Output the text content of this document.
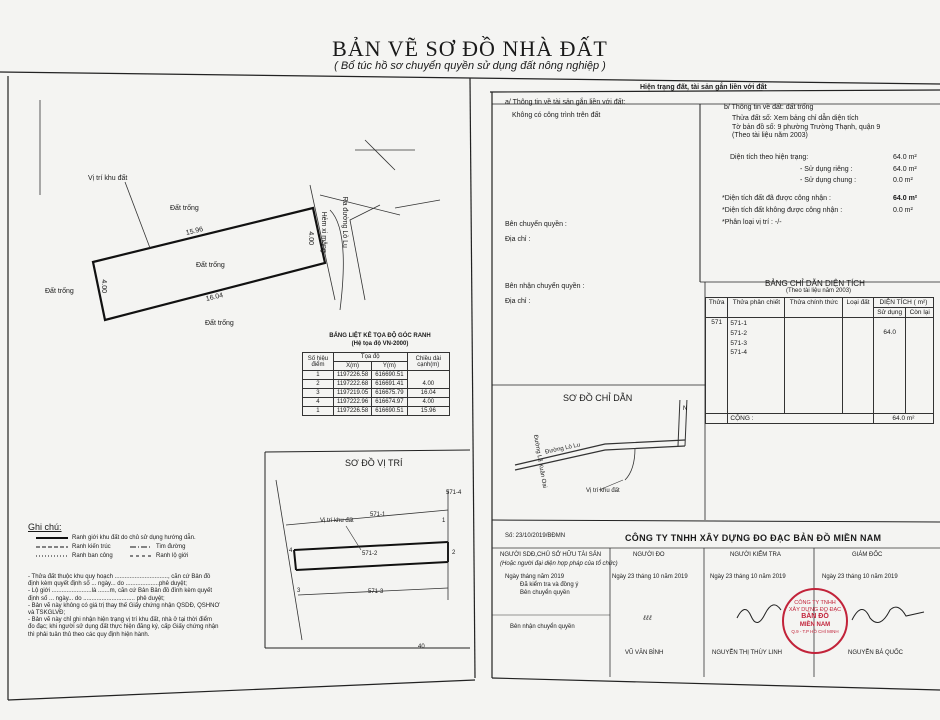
BẢN VẼ SƠ ĐỒ NHÀ ĐẤT
( Bổ túc hồ sơ chuyển quyền sử dụng đất nông nghiệp )
Vị trí khu đất
Đất trống
Đất trống
Đất trống
Đất trống
15.96
16.04
4.00
4.00
Ra đường Lò Lu
Hẻm xi măng
BẢNG LIỆT KÊ TỌA ĐỘ GÓC RANH
(Hệ tọa độ VN-2000)
Số hiệu điểm	Tọa độ		Chiều dài cạnh(m)
	X(m)	Y(m)	
1	1197226.58	616690.51	4.00
2	1197222.68	616691.41	
3	1197219.05	616675.79	16.04
4	1197222.96	616674.97	4.00
1	1197226.58	616690.51	15.96
SƠ ĐỒ VỊ TRÍ
571-1
571-2
571-3
571-4
Vị trí khu đất	1
2
3
4
40
Ghi chú:
Ranh giới khu đất do chủ sử dụng hướng dẫn.
Ranh kiến trúc
Ranh ban công
Tim đường
Ranh lộ giới
- Thửa đất thuộc khu quy hoạch ................................, căn cứ Bản đồ
định kèm quyết định số ... ngày... do ....................phê duyệt;
- Lộ giới ........................là .......m, căn cứ Bản Bản đồ đính kèm quyết
định số ... ngày... do ............................... phê duyệt;
- Bản vẽ này không có giá trị thay thế Giấy chứng nhận QSDĐ, QSHNƠ
và TSKGLVĐ;
- Bản vẽ này chỉ ghi nhận hiện trạng vị trí khu đất, nhà ở tại thời điểm
đo đạc; khi người sử dụng đất thực hiện đăng ký, cấp Giấy chứng nhận
thì phải tuân thủ theo các quy định hiện hành.
Hiện trạng đất, tài sản gắn liền với đất
a/ Thông tin về tài sản gắn liền với đất:
Không có công trình trên đất
Bên chuyển quyền :
Địa chỉ :
Bên nhận chuyển quyền :
Địa chỉ :
b/ Thông tin về đất: đất trống
Thửa đất số: Xem bảng chỉ dẫn diện tích
Tờ bản đồ số: 9 phường Trường Thạnh, quận 9
(Theo tài liệu năm 2003)
Diện tích theo hiện trạng:	64.0 m²
- Sử dụng riêng :	64.0 m²
- Sử dụng chung :	0.0 m²
*Diện tích đất đã được công nhận :	64.0 m²
*Diện tích đất không được công nhận :	0.0 m²
*Phân loại vị trí : -/-
BẢNG CHỈ DẪN DIỆN TÍCH
(Theo tài liệu năm 2003)
Thửa	Thửa phân chiết	Thửa chính thức	Loại đất	DIỆN TÍCH ( m²)	
				Sử dụng	Còn lại
571	571-1
571-2
571-3
571-4			64.0	

	CỘNG :			64.0 m²	
SƠ ĐỒ CHỈ DẪN
N
Đường Lò Lu
Đường Lã Xuân Oai
Vị trí khu đất
CÔNG TY TNHH XÂY DỰNG ĐO ĐẠC BẢN ĐỒ MIỀN NAM
Số: 23/10/2019/BĐMN
NGƯỜI SDĐ,CHỦ SỞ HỮU TÀI SẢN
(Hoặc người đại diện hợp pháp của tổ chức)
Ngày tháng năm 2019
Đã kiểm tra và đồng ý
Bên chuyển quyền
Bên nhận chuyển quyền
NGƯỜI ĐO
Ngày 23 tháng 10 năm 2019
ℓℓℓ
VŨ VĂN BÌNH
NGƯỜI KIỂM TRA
Ngày 23 tháng 10 năm 2019
NGUYỄN THỊ THÙY LINH
GIÁM ĐỐC
Ngày 23 tháng 10 năm 2019
CÔNG TY TNHH
XÂY DỰNG ĐO ĐẠC
BẢN ĐỒ
MIỀN NAM
Q.9 - T.P HỒ CHÍ MINH
NGUYỄN BÁ QUỐC
